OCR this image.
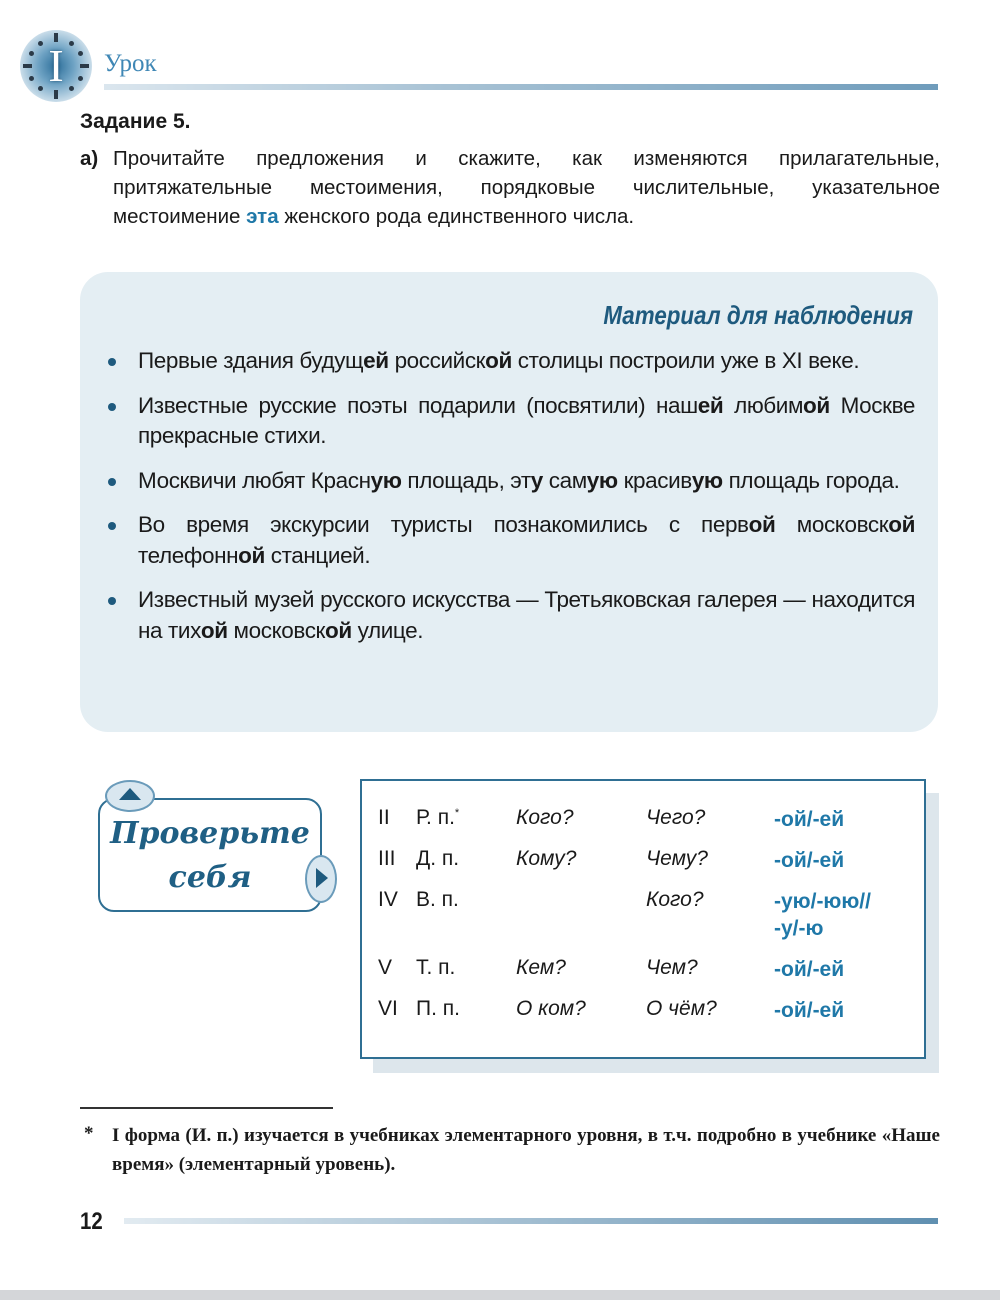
I	Урок
Задание 5.
а) Прочитайте предложения и скажите, как изменяются прилагательные, притяжательные местоимения, порядковые числительные, указательное местоимение эта женского рода единственного числа.
Материал для наблюдения
Первые здания будущей российской столицы построили уже в XI веке.
Известные русские поэты подарили (посвятили) нашей любимой Москве прекрасные стихи.
Москвичи любят Красную площадь, эту самую красивую площадь города.
Во время экскурсии туристы познакомились с первой московской телефонной станцией.
Известный музей русского искусства — Третьяковская галерея — находится на тихой московской улице.
Проверьте
себя
II	Р. п.*	Кого?	Чего?	-ой/-ей

III	Д. п.	Кому?	Чему?	-ой/-ей

IV	В. п.		Кого?	-ую/-юю//
-у/-ю

V	Т. п.	Кем?	Чем?	-ой/-ей

VI	П. п.	О ком?	О чём?	-ой/-ей
* I форма (И. п.) изучается в учебниках элементарного уровня, в т.ч. подробно в учебнике «Наше время» (элементарный уровень).
12
